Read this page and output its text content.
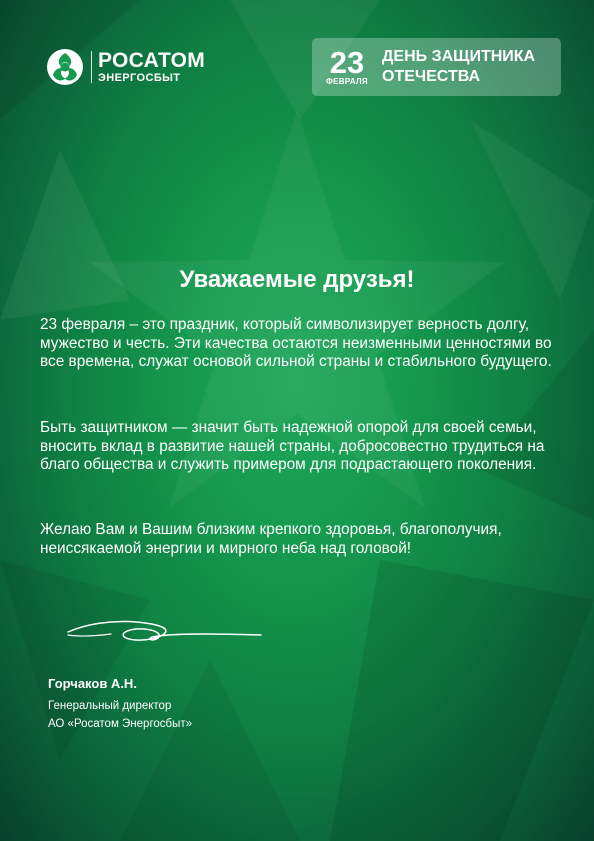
РОСАТОМ
ЭНЕРГОСБЫТ	23
ФЕВРАЛЯ
ДЕНЬ ЗАЩИТНИКА
ОТЕЧЕСТВА
Уважаемые друзья!
23 февраля – это праздник, который символизирует верность долгу, мужество и честь. Эти качества остаются неизменными ценностями во все времена, служат основой сильной страны и стабильного будущего.
Быть защитником — значит быть надежной опорой для своей семьи, вносить вклад в развитие нашей страны, добросовестно трудиться на благо общества и служить примером для подрастающего поколения.
Желаю Вам и Вашим близким крепкого здоровья, благополучия, неиссякаемой энергии и мирного неба над головой!
Горчаков А.Н.
Генеральный директор
АО «Росатом Энергосбыт»
